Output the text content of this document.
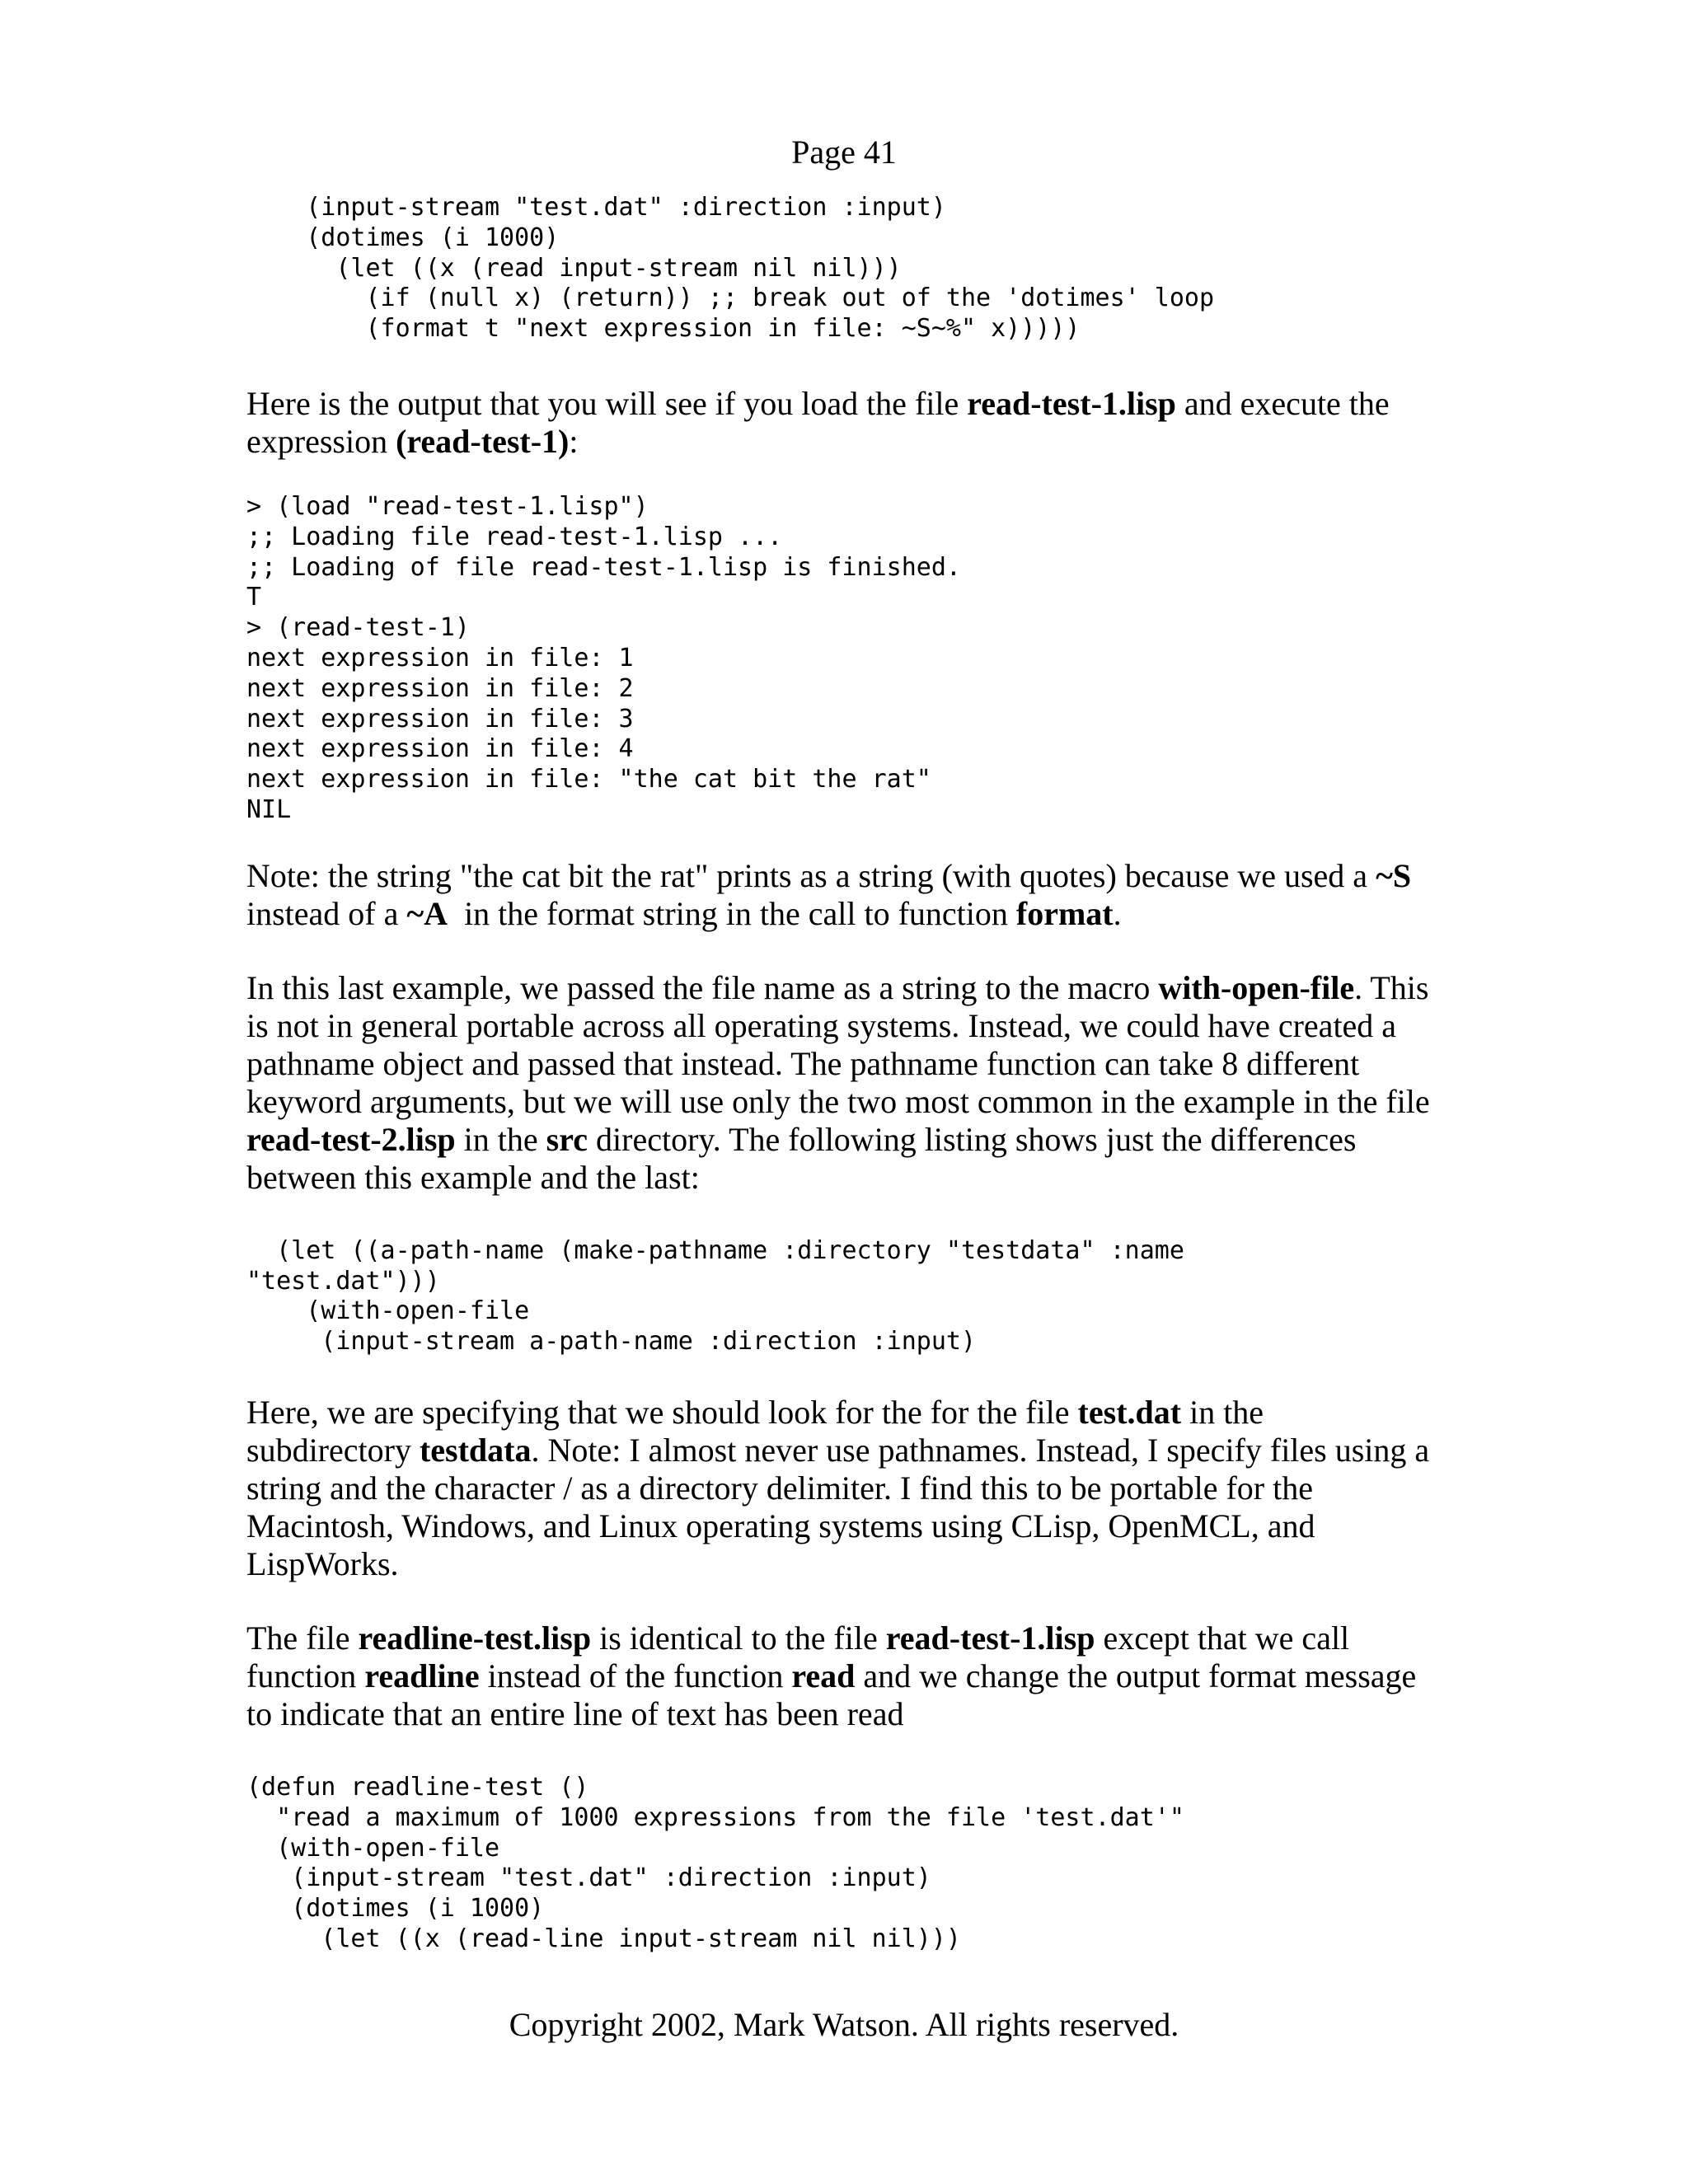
Page 41
(input-stream "test.dat" :direction :input)
(dotimes (i 1000)
(let ((x (read input-stream nil nil)))
(if (null x) (return)) ;; break out of the 'dotimes' loop
(format t "next expression in file: ~S~%" x)))))

Here is the output that you will see if you load the file read-test-1.lisp and execute the expression (read-test-1):

> (load "read-test-1.lisp")
;; Loading file read-test-1.lisp ...
;; Loading of file read-test-1.lisp is finished.
T
> (read-test-1)
next expression in file: 1
next expression in file: 2
next expression in file: 3
next expression in file: 4
next expression in file: "the cat bit the rat"
NIL

Note: the string "the cat bit the rat" prints as a string (with quotes) because we used a ~S
instead of a ~A  in the format string in the call to function format.

In this last example, we passed the file name as a string to the macro with-open-file. This is not in general portable across all operating systems. Instead, we could have created a pathname object and passed that instead. The pathname function can take 8 different keyword arguments, but we will use only the two most common in the example in the file read-test-2.lisp in the src directory. The following listing shows just the differences between this example and the last:

(let ((a-path-name (make-pathname :directory "testdata" :name
"test.dat")))
(with-open-file
(input-stream a-path-name :direction :input)

Here, we are specifying that we should look for the for the file test.dat in the subdirectory testdata. Note: I almost never use pathnames. Instead, I specify files using a string and the character / as a directory delimiter. I find this to be portable for the Macintosh, Windows, and Linux operating systems using CLisp, OpenMCL, and LispWorks.

The file readline-test.lisp is identical to the file read-test-1.lisp except that we call function readline instead of the function read and we change the output format message to indicate that an entire line of text has been read

(defun readline-test ()
"read a maximum of 1000 expressions from the file 'test.dat'"
(with-open-file
(input-stream "test.dat" :direction :input)
(dotimes (i 1000)
(let ((x (read-line input-stream nil nil)))
Copyright 2002, Mark Watson. All rights reserved.
